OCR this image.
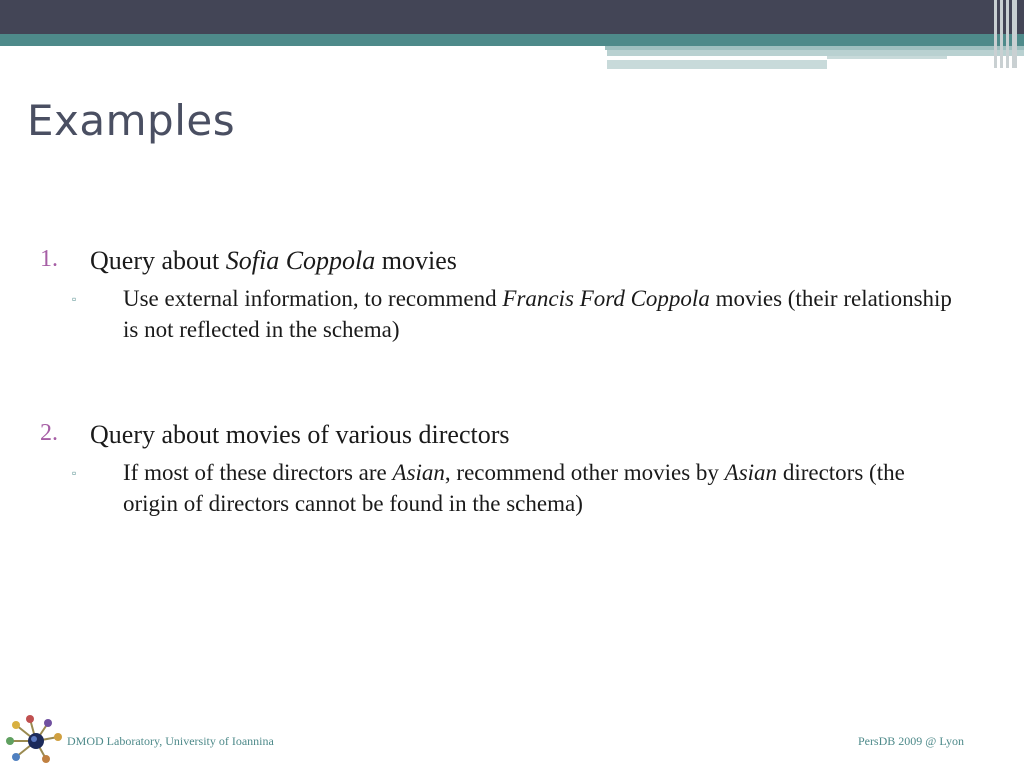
Examples
1. Query about Sofia Coppola movies
▫ Use external information, to recommend Francis Ford Coppola movies (their relationship is not reflected in the schema)
2. Query about movies of various directors
▫ If most of these directors are Asian, recommend other movies by Asian directors (the origin of directors cannot be found in the schema)
DMOD Laboratory, University of Ioannina	PersDB 2009 @ Lyon
